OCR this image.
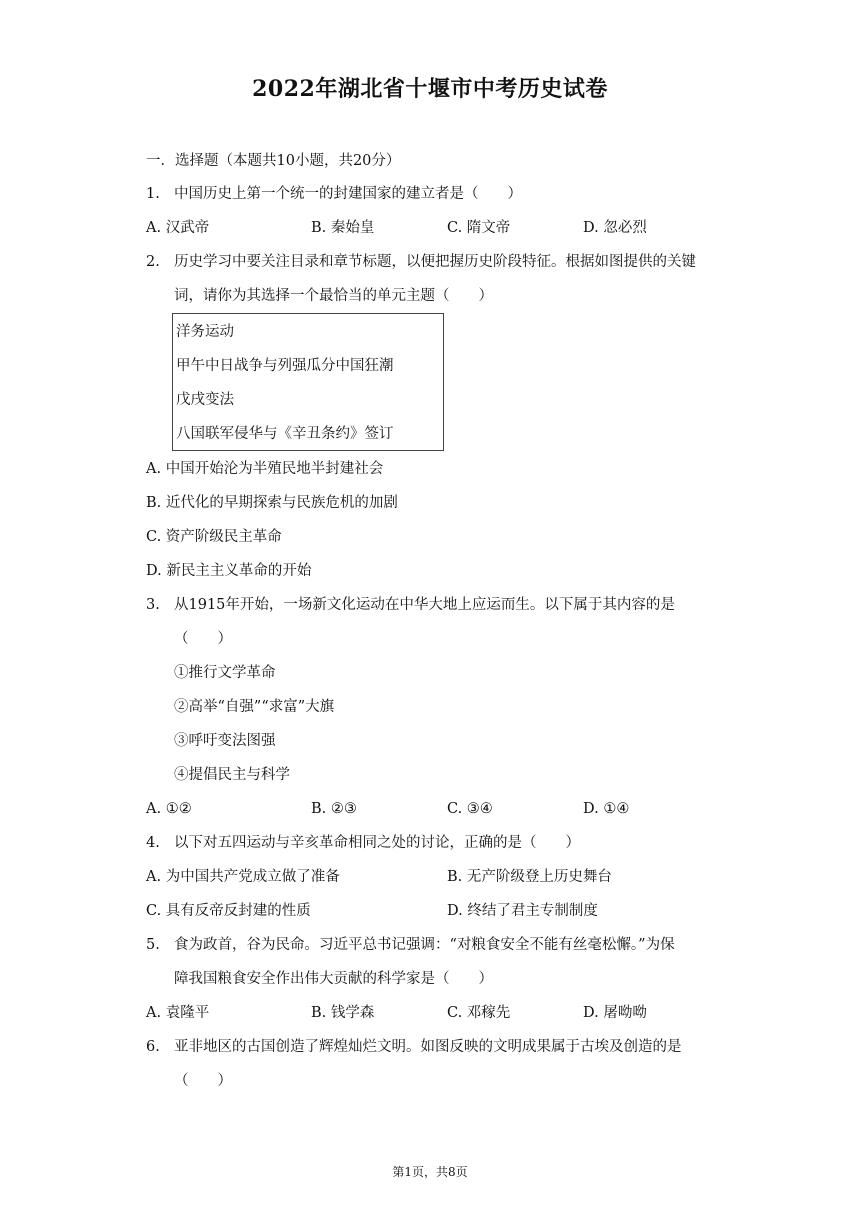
2022年湖北省十堰市中考历史试卷
一．选择题（本题共10小题，共20分）
1. 中国历史上第一个统一的封建国家的建立者是（　　）
A. 汉武帝	B. 秦始皇	C. 隋文帝	D. 忽必烈
2. 历史学习中要关注目录和章节标题，以便把握历史阶段特征。根据如图提供的关键
词，请你为其选择一个最恰当的单元主题（　　）
洋务运动
甲午中日战争与列强瓜分中国狂潮
戊戌变法
八国联军侵华与《辛丑条约》签订
A. 中国开始沦为半殖民地半封建社会
B. 近代化的早期探索与民族危机的加剧
C. 资产阶级民主革命
D. 新民主主义革命的开始
3. 从1915年开始，一场新文化运动在中华大地上应运而生。以下属于其内容的是
（　　）
①推行文学革命
②高举“自强”“求富”大旗
③呼吁变法图强
④提倡民主与科学
A. ①②	B. ②③	C. ③④	D. ①④
4. 以下对五四运动与辛亥革命相同之处的讨论，正确的是（　　）
A. 为中国共产党成立做了准备	B. 无产阶级登上历史舞台
C. 具有反帝反封建的性质	D. 终结了君主专制制度
5. 食为政首，谷为民命。习近平总书记强调：“对粮食安全不能有丝毫松懈。”为保
障我国粮食安全作出伟大贡献的科学家是（　　）
A. 袁隆平	B. 钱学森	C. 邓稼先	D. 屠呦呦
6. 亚非地区的古国创造了辉煌灿烂文明。如图反映的文明成果属于古埃及创造的是
（　　）
第1页，共8页
